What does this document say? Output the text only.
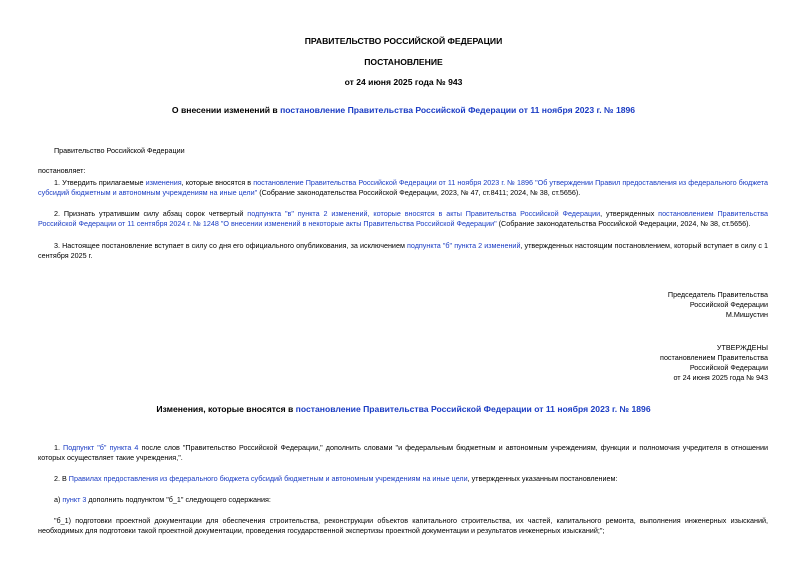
ПРАВИТЕЛЬСТВО РОССИЙСКОЙ ФЕДЕРАЦИИ
ПОСТАНОВЛЕНИЕ
от 24 июня 2025 года № 943
О внесении изменений в постановление Правительства Российской Федерации от 11 ноября 2023 г. № 1896
Правительство Российской Федерации
постановляет:
1. Утвердить прилагаемые изменения, которые вносятся в постановление Правительства Российской Федерации от 11 ноября 2023 г. № 1896 "Об утверждении Правил предоставления из федерального бюджета субсидий бюджетным и автономным учреждениям на иные цели" (Собрание законодательства Российской Федерации, 2023, № 47, ст.8411; 2024, № 38, ст.5656).
2. Признать утратившим силу абзац сорок четвертый подпункта "в" пункта 2 изменений, которые вносятся в акты Правительства Российской Федерации, утвержденных постановлением Правительства Российской Федерации от 11 сентября 2024 г. № 1248 "О внесении изменений в некоторые акты Правительства Российской Федерации" (Собрание законодательства Российской Федерации, 2024, № 38, ст.5656).
3. Настоящее постановление вступает в силу со дня его официального опубликования, за исключением подпункта "б" пункта 2 изменений, утвержденных настоящим постановлением, который вступает в силу с 1 сентября 2025 г.
Председатель Правительства
Российской Федерации
М.Мишустин
УТВЕРЖДЕНЫ
постановлением Правительства
Российской Федерации
от 24 июня 2025 года № 943
Изменения, которые вносятся в постановление Правительства Российской Федерации от 11 ноября 2023 г. № 1896
1. Подпункт "б" пункта 4 после слов "Правительство Российской Федерации," дополнить словами "и федеральным бюджетным и автономным учреждениям, функции и полномочия учредителя в отношении которых осуществляет такие учреждения,".
2. В Правилах предоставления из федерального бюджета субсидий бюджетным и автономным учреждениям на иные цели, утвержденных указанным постановлением:
а) пункт 3 дополнить подпунктом "б_1" следующего содержания:
"б_1) подготовки проектной документации для обеспечения строительства, реконструкции объектов капитального строительства, их частей, капитального ремонта, выполнения инженерных изысканий, необходимых для подготовки такой проектной документации, проведения государственной экспертизы проектной документации и результатов инженерных изысканий;";
